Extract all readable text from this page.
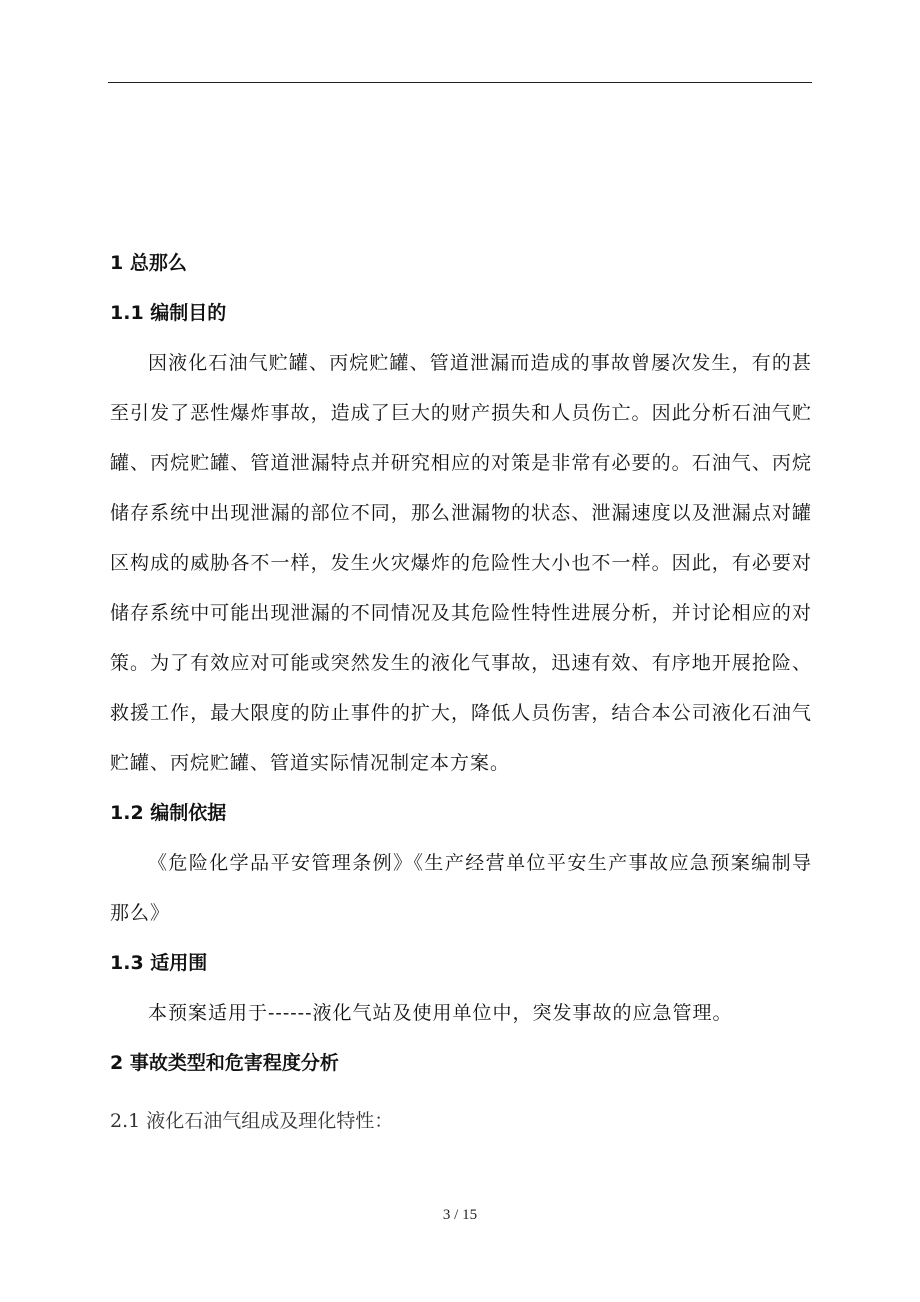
1 总那么
1.1 编制目的
因液化石油气贮罐、丙烷贮罐、管道泄漏而造成的事故曾屡次发生，有的甚至引发了恶性爆炸事故，造成了巨大的财产损失和人员伤亡。因此分析石油气贮罐、丙烷贮罐、管道泄漏特点并研究相应的对策是非常有必要的。石油气、丙烷储存系统中出现泄漏的部位不同，那么泄漏物的状态、泄漏速度以及泄漏点对罐区构成的威胁各不一样，发生火灾爆炸的危险性大小也不一样。因此，有必要对储存系统中可能出现泄漏的不同情况及其危险性特性进展分析，并讨论相应的对策。为了有效应对可能或突然发生的液化气事故，迅速有效、有序地开展抢险、救援工作，最大限度的防止事件的扩大，降低人员伤害，结合本公司液化石油气贮罐、丙烷贮罐、管道实际情况制定本方案。
1.2 编制依据
《危险化学品平安管理条例》《生产经营单位平安生产事故应急预案编制导那么》
1.3 适用围
本预案适用于------液化气站及使用单位中，突发事故的应急管理。
2 事故类型和危害程度分析
2.1 液化石油气组成及理化特性：
3 / 15
